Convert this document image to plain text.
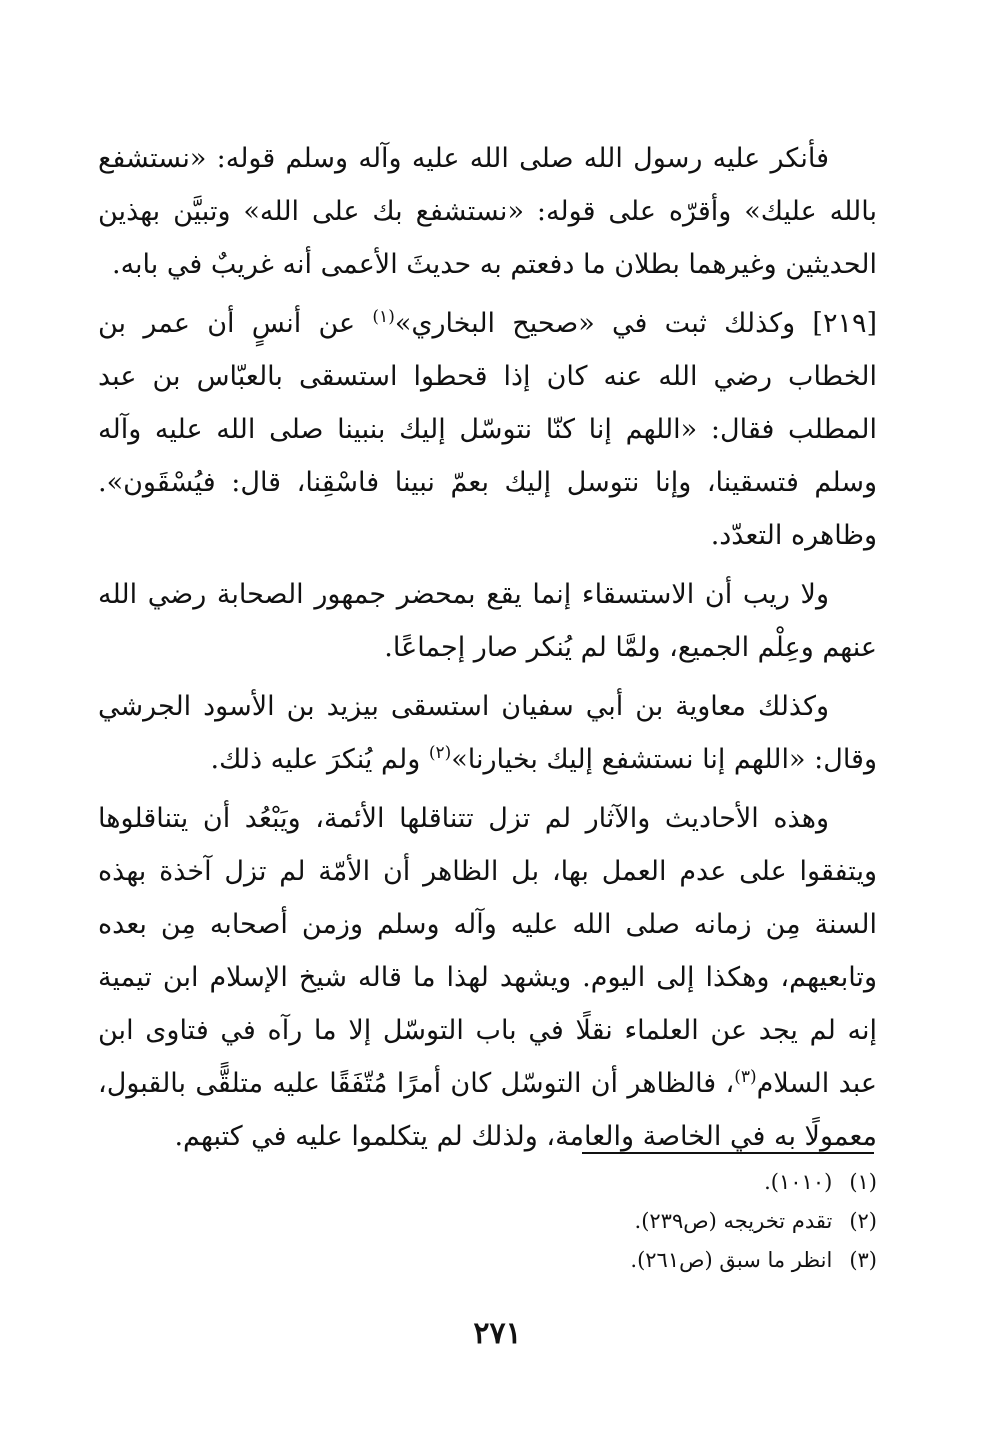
فأنكر عليه رسول الله صلى الله عليه وآله وسلم قوله: «نستشفع بالله عليك» وأقرّه على قوله: «نستشفع بك على الله» وتبيَّن بهذين الحديثين وغيرهما بطلان ما دفعتم به حديثَ الأعمى أنه غريبٌ في بابه.

[٢١٩] وكذلك ثبت في «صحيح البخاري»$^{(١)}$ عن أنسٍ أن عمر بن الخطاب رضي الله عنه كان إذا قحطوا استسقى بالعبّاس بن عبد المطلب فقال: «اللهم إنا كنّا نتوسّل إليك بنبينا صلى الله عليه وآله وسلم فتسقينا، وإنا نتوسل إليك بعمّ نبينا فاسْقِنا، قال: فيُسْقَون». وظاهره التعدّد.

ولا ريب أن الاستسقاء إنما يقع بمحضر جمهور الصحابة رضي الله عنهم وعِلْم الجميع، ولمَّا لم يُنكر صار إجماعًا.

وكذلك معاوية بن أبي سفيان استسقى بيزيد بن الأسود الجرشي وقال: «اللهم إنا نستشفع إليك بخيارنا»$^{(٢)}$ ولم يُنكرَ عليه ذلك.

وهذه الأحاديث والآثار لم تزل تتناقلها الأئمة، ويَبْعُد أن يتناقلوها ويتفقوا على عدم العمل بها، بل الظاهر أن الأمّة لم تزل آخذة بهذه السنة مِن زمانه صلى الله عليه وآله وسلم وزمن أصحابه مِن بعده وتابعيهم، وهكذا إلى اليوم. ويشهد لهذا ما قاله شيخ الإسلام ابن تيمية إنه لم يجد عن العلماء نقلًا في باب التوسّل إلا ما رآه في فتاوى ابن عبد السلام$^{(٣)}$، فالظاهر أن التوسّل كان أمرًا مُتّفَقًا عليه متلقًّى بالقبول، معمولًا به في الخاصة والعامة، ولذلك لم يتكلموا عليه في كتبهم.

(١) (١٠١٠).
(٢) تقدم تخريجه (ص٢٣٩).
(٣) انظر ما سبق (ص٢٦١).
٢٧١
